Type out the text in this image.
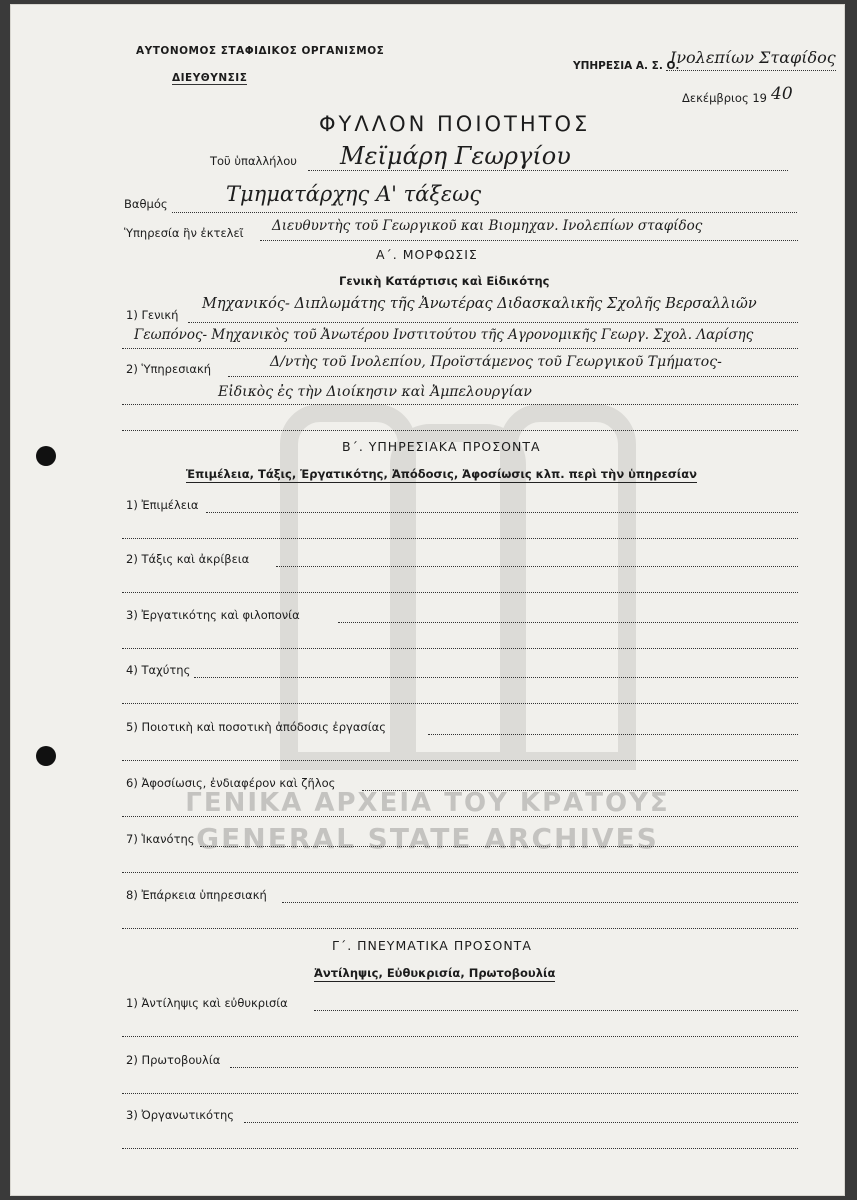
ΓΕΝΙΚΑ ΑΡΧΕΙΑ ΤΟΥ ΚΡΑΤΟΥΣ
GENERAL STATE ARCHIVES
ΑΥΤΟΝΟΜΟΣ ΣΤΑΦΙΔΙΚΟΣ ΟΡΓΑΝΙΣΜΟΣ
ΔΙΕΥΘΥΝΣΙΣ
ΥΠΗΡΕΣΙΑ Α. Σ. Ο.
Ινολεπίων Σταφίδος
Δεκέμβριος 19 40
ΦΥΛΛΟΝ ΠΟΙΟΤΗΤΟΣ
Τοῦ ὑπαλλήλου Μεϊμάρη Γεωργίου
Βαθμός	Τμηματάρχης Α' τάξεως
Ὑπηρεσία ἣν ἐκτελεῖ Διευθυντὴς τοῦ Γεωργικοῦ και Βιομηχαν. Ινολεπίων σταφίδος
Α΄. ΜΟΡΦΩΣΙΣ
Γενικὴ Κατάρτισις καὶ Εἰδικότης
1) Γενική
Μηχανικός- Διπλωμάτης τῆς Ἀνωτέρας Διδασκαλικῆς Σχολῆς Βερσαλλιῶν
Γεωπόνος- Μηχανικὸς τοῦ Ἀνωτέρου Ινστιτούτου τῆς Αγρονομικῆς Γεωργ. Σχολ. Λαρίσης
2) Ὑπηρεσιακή	Δ/ντὴς τοῦ Ινολεπίου, Προϊστάμενος τοῦ Γεωργικοῦ Τμήματος-
Εἰδικὸς ἐς τὴν Διοίκησιν καὶ Ἀμπελουργίαν
Β΄. ΥΠΗΡΕΣΙΑΚΑ ΠΡΟΣΟΝΤΑ
Ἐπιμέλεια, Τάξις, Ἐργατικότης, Ἀπόδοσις, Ἀφοσίωσις κλπ. περὶ τὴν ὑπηρεσίαν
1) Ἐπιμέλεια
2) Τάξις καὶ ἀκρίβεια
3) Ἐργατικότης καὶ φιλοπονία
4) Ταχύτης
5) Ποιοτικὴ καὶ ποσοτικὴ ἀπόδοσις ἐργασίας
6) Ἀφοσίωσις, ἐνδιαφέρον καὶ ζῆλος
7) Ἱκανότης
8) Ἐπάρκεια ὑπηρεσιακή
Γ΄. ΠΝΕΥΜΑΤΙΚΑ ΠΡΟΣΟΝΤΑ
Ἀντίληψις, Εὐθυκρισία, Πρωτοβουλία
1) Ἀντίληψις καὶ εὐθυκρισία
2) Πρωτοβουλία
3) Ὀργανωτικότης
